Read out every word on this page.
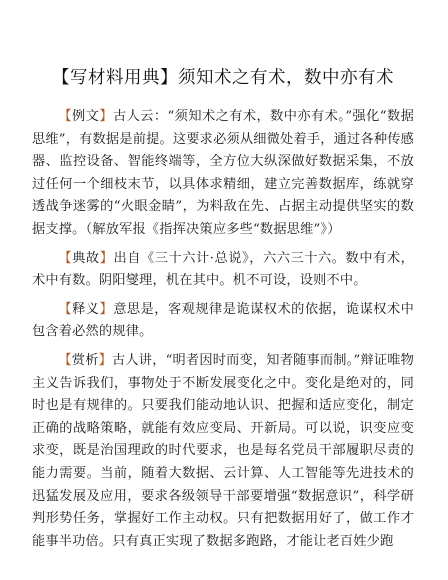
【写材料用典】须知术之有术，数中亦有术

【例文】古人云：“须知术之有术，数中亦有术。”强化“数据思维”，有数据是前提。这要求必须从细微处着手，通过各种传感器、监控设备、智能终端等，全方位大纵深做好数据采集，不放过任何一个细枝末节，以具体求精细，建立完善数据库，练就穿透战争迷雾的“火眼金睛”，为料敌在先、占据主动提供坚实的数据支撑。（解放军报《指挥决策应多些“数据思维”》）

【典故】出自《三十六计·总说》，六六三十六。数中有术，术中有数。阴阳燮理，机在其中。机不可设，设则不中。

【释义】意思是，客观规律是诡谋权术的依据，诡谋权术中包含着必然的规律。

【赏析】古人讲，“明者因时而变，知者随事而制。”辩证唯物主义告诉我们，事物处于不断发展变化之中。变化是绝对的，同时也是有规律的。只要我们能动地认识、把握和适应变化，制定正确的战略策略，就能有效应变局、开新局。可以说，识变应变求变，既是治国理政的时代要求，也是每名党员干部履职尽责的能力需要。当前，随着大数据、云计算、人工智能等先进技术的迅猛发展及应用，要求各级领导干部要增强“数据意识”，科学研判形势任务，掌握好工作主动权。只有把数据用好了，做工作才能事半功倍。只有真正实现了数据多跑路，才能让老百姓少跑
